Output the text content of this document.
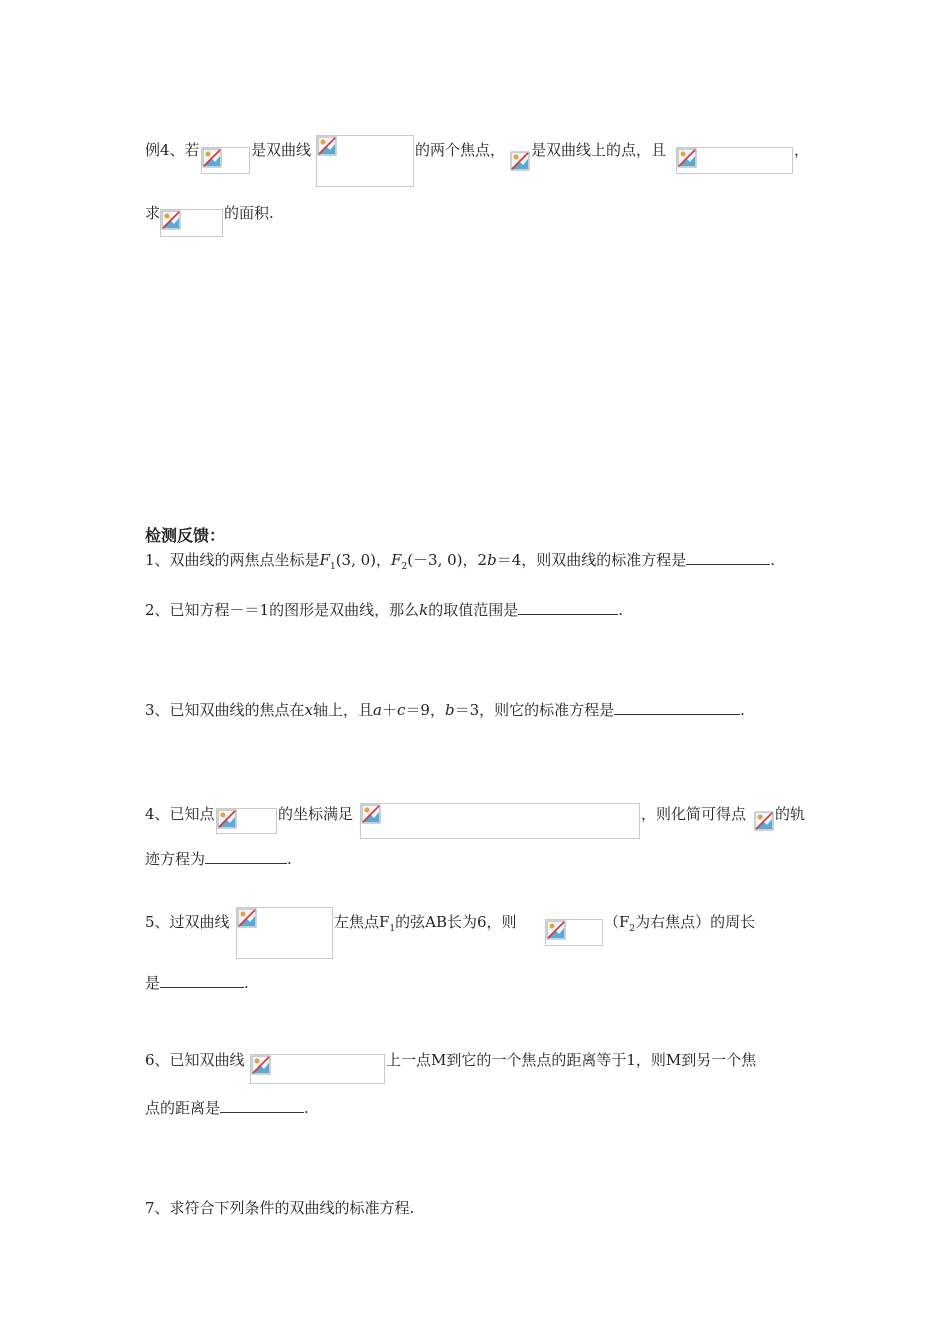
例4、若	是双曲线	的两个焦点， 是双曲线上的点，且	，
求	的面积.
检测反馈：
1、双曲线的两焦点坐标是$F_1(3$, 0)，$F_2(-3$, 0)，2b＝4，则双曲线的标准方程是	.
2、已知方程－＝1的图形是双曲线，那么k的取值范围是	.
3、已知双曲线的焦点在x轴上，且a＋c＝9，b＝3，则它的标准方程是	.
4、已知点	的坐标满足	，则化简可得点 的轨
迹方程为	.
5、过双曲线	左焦点$F_1$的弦AB长为6，则	（$F_2$为右焦点）的周长
是	.
6、已知双曲线	上一点M到它的一个焦点的距离等于1，则M到另一个焦
点的距离是	.
7、求符合下列条件的双曲线的标准方程.
